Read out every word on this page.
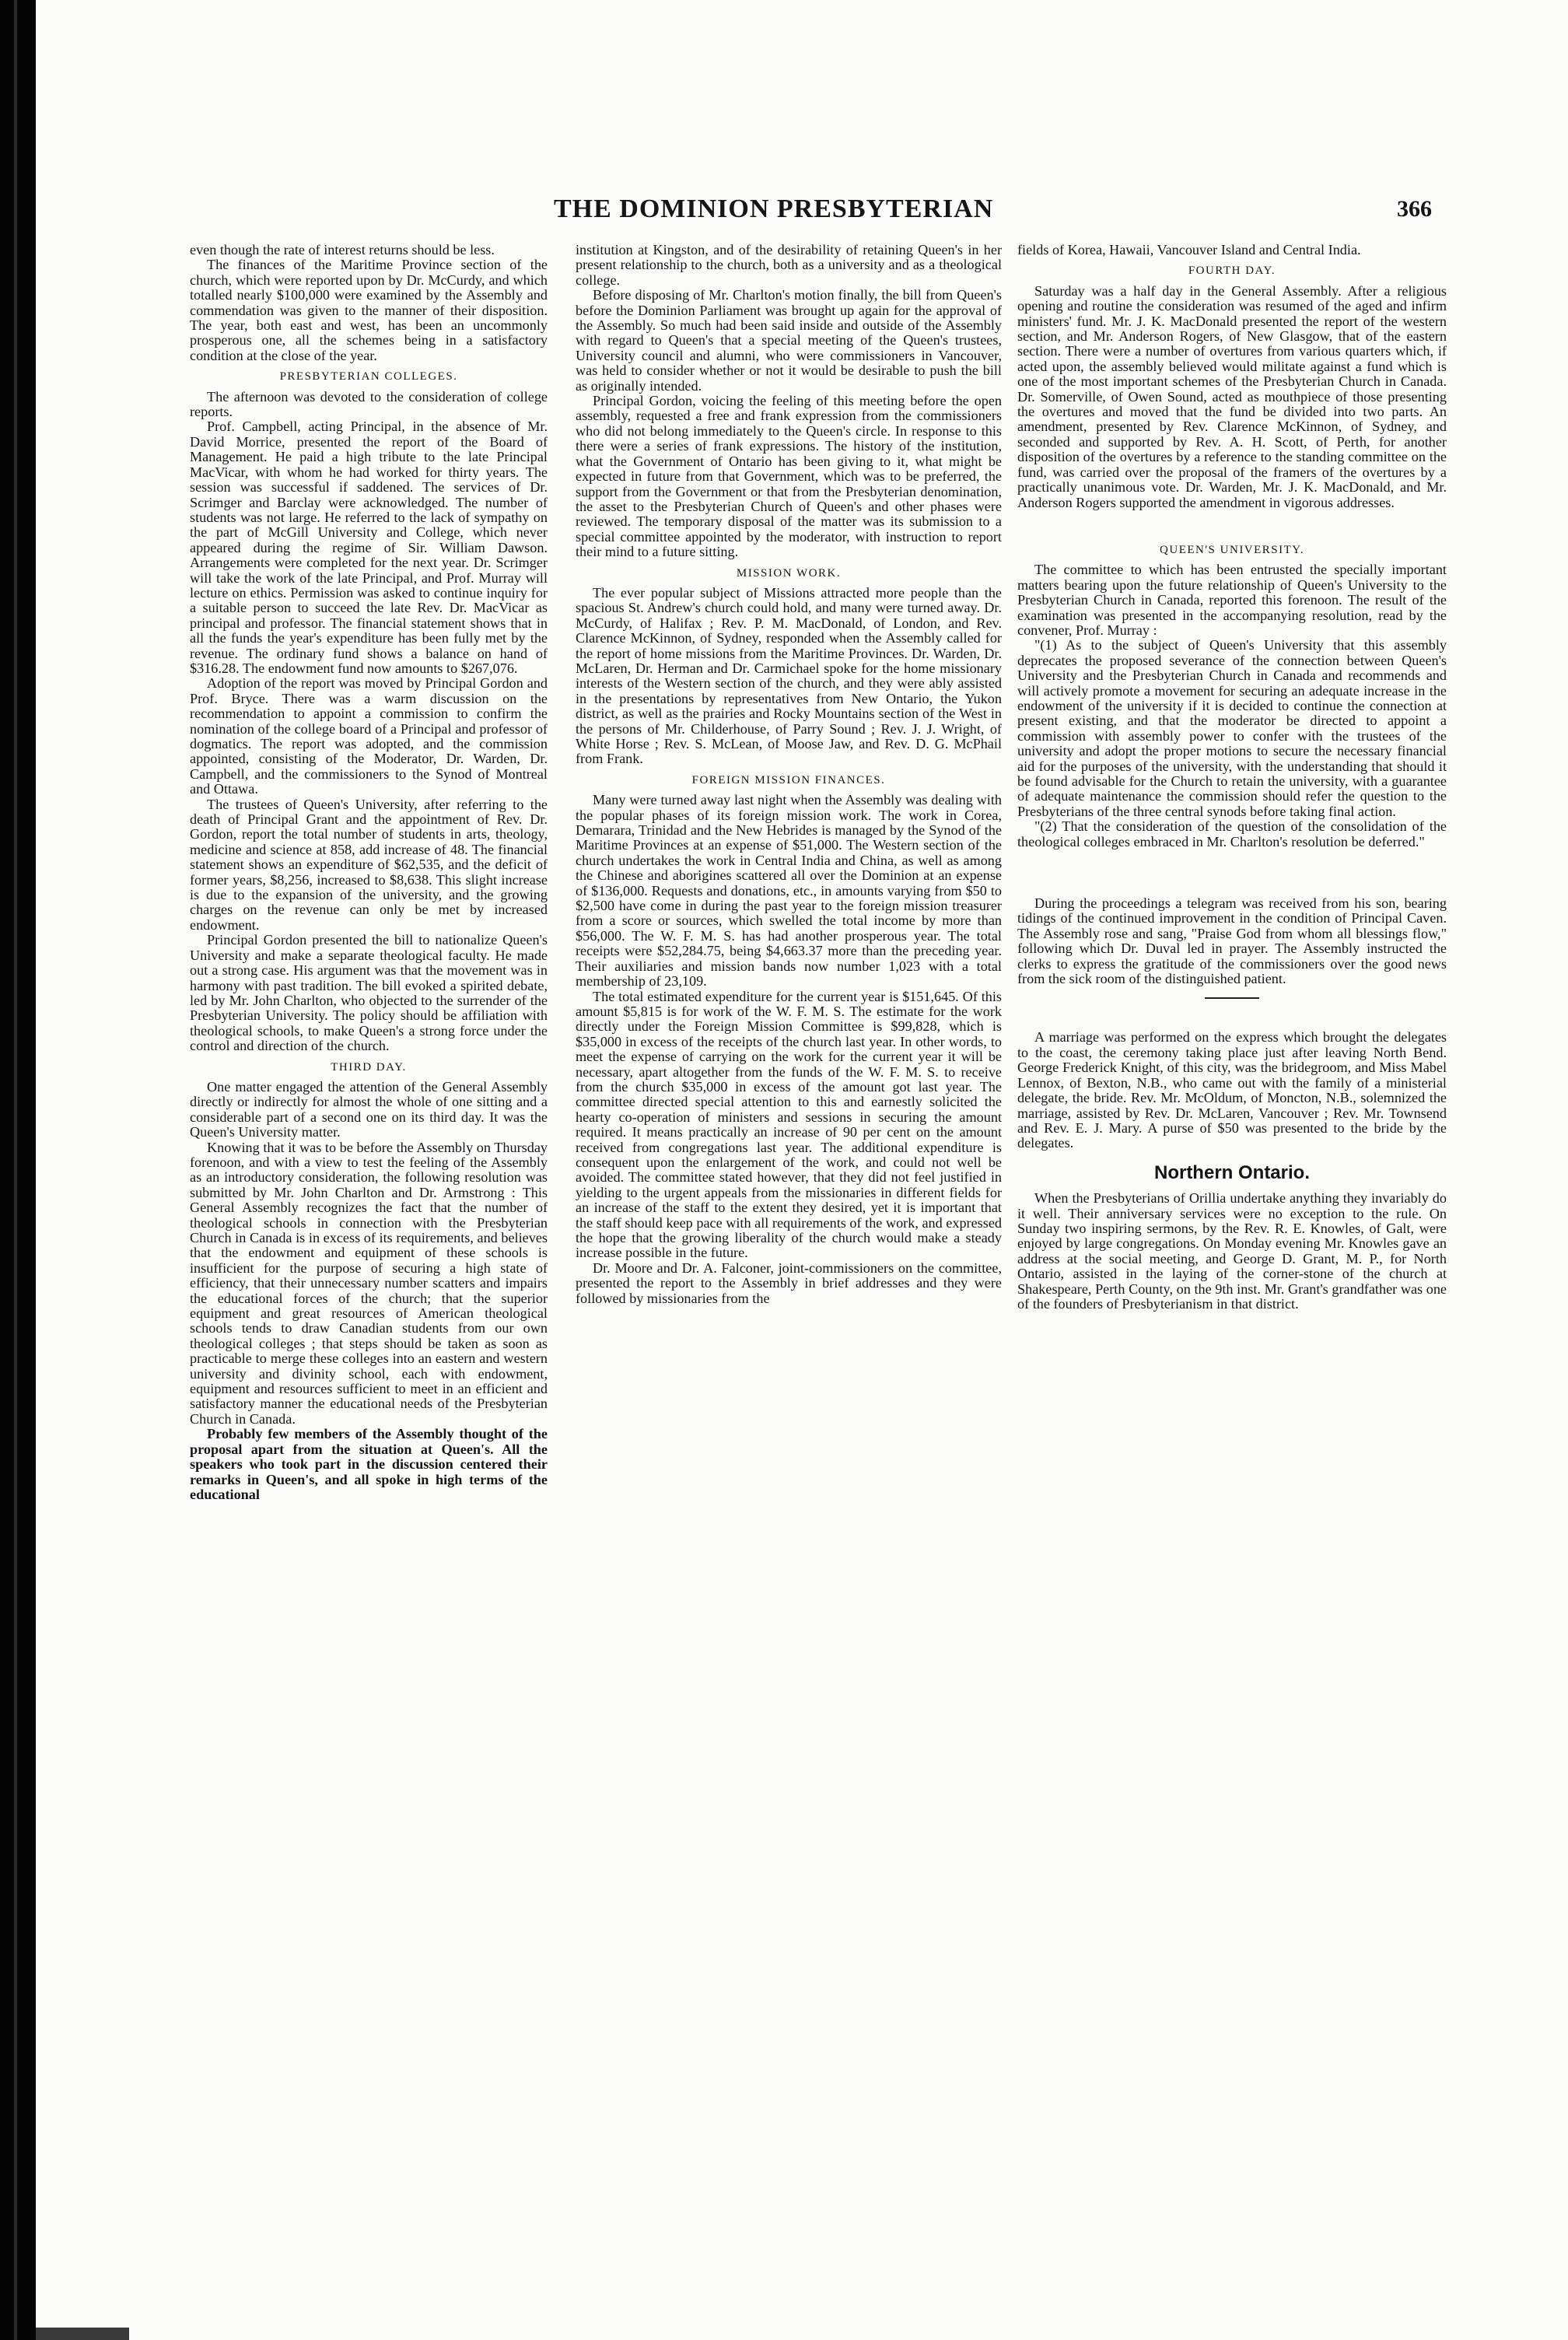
THE DOMINION PRESBYTERIAN	366

even though the rate of interest returns should be less.

The finances of the Maritime Province section of the church, which were reported upon by Dr. McCurdy, and which totalled nearly $100,000 were examined by the Assembly and commendation was given to the manner of their disposition. The year, both east and west, has been an uncommonly prosperous one, all the schemes being in a satisfactory condition at the close of the year.

PRESBYTERIAN COLLEGES.

The afternoon was devoted to the consideration of college reports.

Prof. Campbell, acting Principal, in the absence of Mr. David Morrice, presented the report of the Board of Management. He paid a high tribute to the late Principal MacVicar, with whom he had worked for thirty years. The session was successful if saddened. The services of Dr. Scrimger and Barclay were acknowledged. The number of students was not large. He referred to the lack of sympathy on the part of McGill University and College, which never appeared during the regime of Sir. William Dawson. Arrangements were completed for the next year. Dr. Scrimger will take the work of the late Principal, and Prof. Murray will lecture on ethics. Permission was asked to continue inquiry for a suitable person to succeed the late Rev. Dr. MacVicar as principal and professor. The financial statement shows that in all the funds the year's expenditure has been fully met by the revenue. The ordinary fund shows a balance on hand of $316.28. The endowment fund now amounts to $267,076.

Adoption of the report was moved by Principal Gordon and Prof. Bryce. There was a warm discussion on the recommendation to appoint a commission to confirm the nomination of the college board of a Principal and professor of dogmatics. The report was adopted, and the commission appointed, consisting of the Moderator, Dr. Warden, Dr. Campbell, and the commissioners to the Synod of Montreal and Ottawa.

The trustees of Queen's University, after referring to the death of Principal Grant and the appointment of Rev. Dr. Gordon, report the total number of students in arts, theology, medicine and science at 858, add increase of 48. The financial statement shows an expenditure of $62,535, and the deficit of former years, $8,256, increased to $8,638. This slight increase is due to the expansion of the university, and the growing charges on the revenue can only be met by increased endowment.

Principal Gordon presented the bill to nationalize Queen's University and make a separate theological faculty. He made out a strong case. His argument was that the movement was in harmony with past tradition. The bill evoked a spirited debate, led by Mr. John Charlton, who objected to the surrender of the Presbyterian University. The policy should be affiliation with theological schools, to make Queen's a strong force under the control and direction of the church.

THIRD DAY.

One matter engaged the attention of the General Assembly directly or indirectly for almost the whole of one sitting and a considerable part of a second one on its third day. It was the Queen's University matter.

Knowing that it was to be before the Assembly on Thursday forenoon, and with a view to test the feeling of the Assembly as an introductory consideration, the following resolution was submitted by Mr. John Charlton and Dr. Armstrong : This General Assembly recognizes the fact that the number of theological schools in connection with the Presbyterian Church in Canada is in excess of its requirements, and believes that the endowment and equipment of these schools is insufficient for the purpose of securing a high state of efficiency, that their unnecessary number scatters and impairs the educational forces of the church; that the superior equipment and great resources of American theological schools tends to draw Canadian students from our own theological colleges ; that steps should be taken as soon as practicable to merge these colleges into an eastern and western university and divinity school, each with endowment, equipment and resources sufficient to meet in an efficient and satisfactory manner the educational needs of the Presbyterian Church in Canada.

Probably few members of the Assembly thought of the proposal apart from the situation at Queen's. All the speakers who took part in the discussion centered their remarks in Queen's, and all spoke in high terms of the educational

institution at Kingston, and of the desirability of retaining Queen's in her present relationship to the church, both as a university and as a theological college.

Before disposing of Mr. Charlton's motion finally, the bill from Queen's before the Dominion Parliament was brought up again for the approval of the Assembly. So much had been said inside and outside of the Assembly with regard to Queen's that a special meeting of the Queen's trustees, University council and alumni, who were commissioners in Vancouver, was held to consider whether or not it would be desirable to push the bill as originally intended.

Principal Gordon, voicing the feeling of this meeting before the open assembly, requested a free and frank expression from the commissioners who did not belong immediately to the Queen's circle. In response to this there were a series of frank expressions. The history of the institution, what the Government of Ontario has been giving to it, what might be expected in future from that Government, which was to be preferred, the support from the Government or that from the Presbyterian denomination, the asset to the Presbyterian Church of Queen's and other phases were reviewed. The temporary disposal of the matter was its submission to a special committee appointed by the moderator, with instruction to report their mind to a future sitting.

MISSION WORK.

The ever popular subject of Missions attracted more people than the spacious St. Andrew's church could hold, and many were turned away. Dr. McCurdy, of Halifax ; Rev. P. M. MacDonald, of London, and Rev. Clarence McKinnon, of Sydney, responded when the Assembly called for the report of home missions from the Maritime Provinces. Dr. Warden, Dr. McLaren, Dr. Herman and Dr. Carmichael spoke for the home missionary interests of the Western section of the church, and they were ably assisted in the presentations by representatives from New Ontario, the Yukon district, as well as the prairies and Rocky Mountains section of the West in the persons of Mr. Childerhouse, of Parry Sound ; Rev. J. J. Wright, of White Horse ; Rev. S. McLean, of Moose Jaw, and Rev. D. G. McPhail from Frank.

FOREIGN MISSION FINANCES.

Many were turned away last night when the Assembly was dealing with the popular phases of its foreign mission work. The work in Corea, Demarara, Trinidad and the New Hebrides is managed by the Synod of the Maritime Provinces at an expense of $51,000. The Western section of the church undertakes the work in Central India and China, as well as among the Chinese and aborigines scattered all over the Dominion at an expense of $136,000. Requests and donations, etc., in amounts varying from $50 to $2,500 have come in during the past year to the foreign mission treasurer from a score or sources, which swelled the total income by more than $56,000. The W. F. M. S. has had another prosperous year. The total receipts were $52,284.75, being $4,663.37 more than the preceding year. Their auxiliaries and mission bands now number 1,023 with a total membership of 23,109.

The total estimated expenditure for the current year is $151,645. Of this amount $5,815 is for work of the W. F. M. S. The estimate for the work directly under the Foreign Mission Committee is $99,828, which is $35,000 in excess of the receipts of the church last year. In other words, to meet the expense of carrying on the work for the current year it will be necessary, apart altogether from the funds of the W. F. M. S. to receive from the church $35,000 in excess of the amount got last year. The committee directed special attention to this and earnestly solicited the hearty co-operation of ministers and sessions in securing the amount required. It means practically an increase of 90 per cent on the amount received from congregations last year. The additional expenditure is consequent upon the enlargement of the work, and could not well be avoided. The committee stated however, that they did not feel justified in yielding to the urgent appeals from the missionaries in different fields for an increase of the staff to the extent they desired, yet it is important that the staff should keep pace with all requirements of the work, and expressed the hope that the growing liberality of the church would make a steady increase possible in the future.

Dr. Moore and Dr. A. Falconer, joint-commissioners on the committee, presented the report to the Assembly in brief addresses and they were followed by missionaries from the

fields of Korea, Hawaii, Vancouver Island and Central India.

FOURTH DAY.

Saturday was a half day in the General Assembly. After a religious opening and routine the consideration was resumed of the aged and infirm ministers' fund. Mr. J. K. MacDonald presented the report of the western section, and Mr. Anderson Rogers, of New Glasgow, that of the eastern section. There were a number of overtures from various quarters which, if acted upon, the assembly believed would militate against a fund which is one of the most important schemes of the Presbyterian Church in Canada. Dr. Somerville, of Owen Sound, acted as mouthpiece of those presenting the overtures and moved that the fund be divided into two parts. An amendment, presented by Rev. Clarence McKinnon, of Sydney, and seconded and supported by Rev. A. H. Scott, of Perth, for another disposition of the overtures by a reference to the standing committee on the fund, was carried over the proposal of the framers of the overtures by a practically unanimous vote. Dr. Warden, Mr. J. K. MacDonald, and Mr. Anderson Rogers supported the amendment in vigorous addresses.

QUEEN'S UNIVERSITY.

The committee to which has been entrusted the specially important matters bearing upon the future relationship of Queen's University to the Presbyterian Church in Canada, reported this forenoon. The result of the examination was presented in the accompanying resolution, read by the convener, Prof. Murray :

"(1) As to the subject of Queen's University that this assembly deprecates the proposed severance of the connection between Queen's University and the Presbyterian Church in Canada and recommends and will actively promote a movement for securing an adequate increase in the endowment of the university if it is decided to continue the connection at present existing, and that the moderator be directed to appoint a commission with assembly power to confer with the trustees of the university and adopt the proper motions to secure the necessary financial aid for the purposes of the university, with the understanding that should it be found advisable for the Church to retain the university, with a guarantee of adequate maintenance the commission should refer the question to the Presbyterians of the three central synods before taking final action.

"(2) That the consideration of the question of the consolidation of the theological colleges embraced in Mr. Charlton's resolution be deferred."

During the proceedings a telegram was received from his son, bearing tidings of the continued improvement in the condition of Principal Caven. The Assembly rose and sang, "Praise God from whom all blessings flow," following which Dr. Duval led in prayer. The Assembly instructed the clerks to express the gratitude of the commissioners over the good news from the sick room of the distinguished patient.

A marriage was performed on the express which brought the delegates to the coast, the ceremony taking place just after leaving North Bend. George Frederick Knight, of this city, was the bridegroom, and Miss Mabel Lennox, of Bexton, N.B., who came out with the family of a ministerial delegate, the bride. Rev. Mr. McOldum, of Moncton, N.B., solemnized the marriage, assisted by Rev. Dr. McLaren, Vancouver ; Rev. Mr. Townsend and Rev. E. J. Mary. A purse of $50 was presented to the bride by the delegates.

Northern Ontario.

When the Presbyterians of Orillia undertake anything they invariably do it well. Their anniversary services were no exception to the rule. On Sunday two inspiring sermons, by the Rev. R. E. Knowles, of Galt, were enjoyed by large congregations. On Monday evening Mr. Knowles gave an address at the social meeting, and George D. Grant, M. P., for North Ontario, assisted in the laying of the corner-stone of the church at Shakespeare, Perth County, on the 9th inst. Mr. Grant's grandfather was one of the founders of Presbyterianism in that district.
